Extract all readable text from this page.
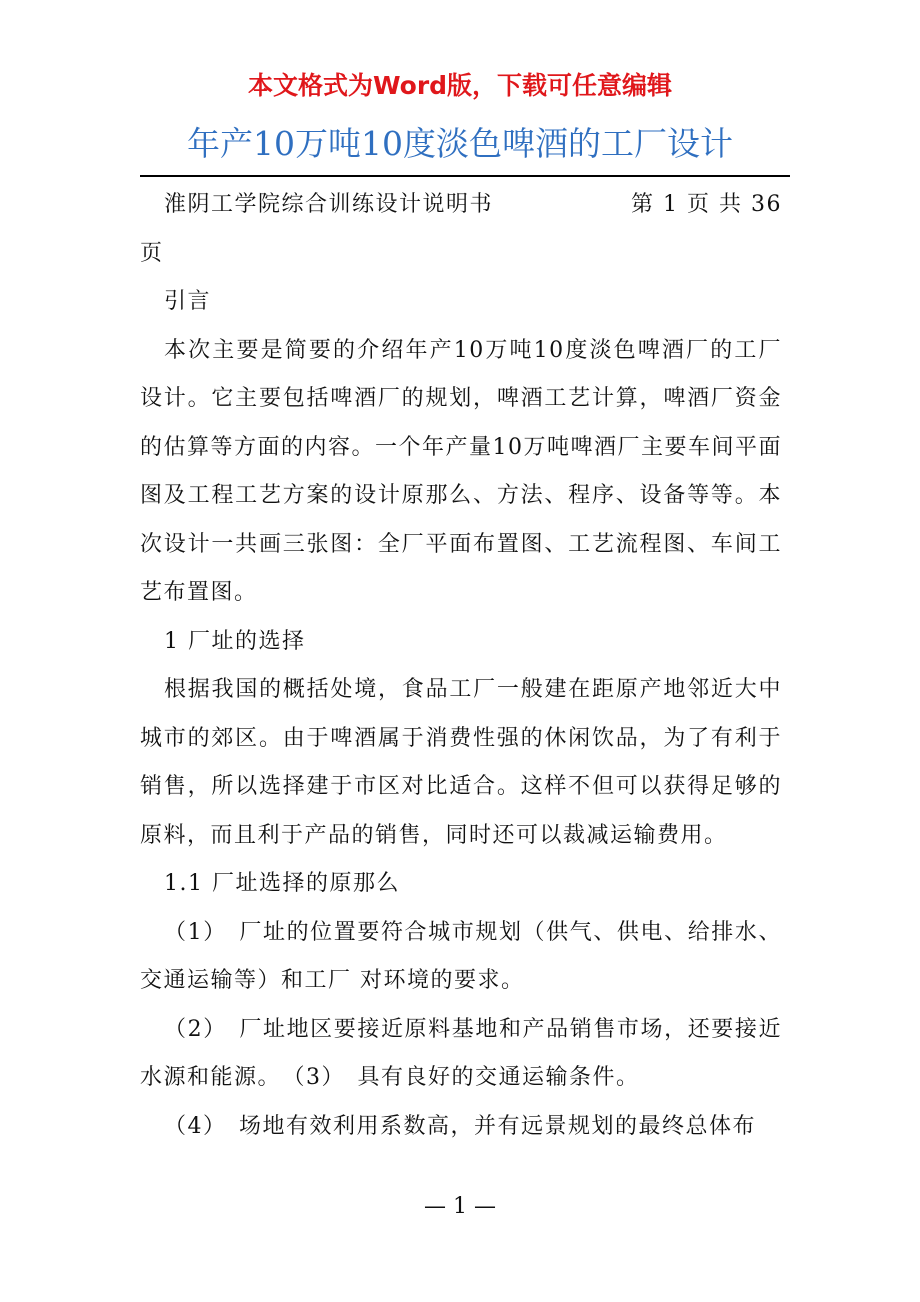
本文格式为Word版，下载可任意编辑
年产10万吨10度淡色啤酒的工厂设计
淮阴工学院综合训练设计说明书	第 1 页 共 36

页

引言

本次主要是简要的介绍年产10万吨10度淡色啤酒厂的工厂设计。它主要包括啤酒厂的规划，啤酒工艺计算，啤酒厂资金的估算等方面的内容。一个年产量10万吨啤酒厂主要车间平面图及工程工艺方案的设计原那么、方法、程序、设备等等。本次设计一共画三张图：全厂平面布置图、工艺流程图、车间工艺布置图。

1 厂址的选择

根据我国的概括处境，食品工厂一般建在距原产地邻近大中城市的郊区。由于啤酒属于消费性强的休闲饮品，为了有利于销售，所以选择建于市区对比适合。这样不但可以获得足够的原料，而且利于产品的销售，同时还可以裁减运输费用。

1.1 厂址选择的原那么

（1）　厂址的位置要符合城市规划（供气、供电、给排水、交通运输等）和工厂 对环境的要求。

（2）　厂址地区要接近原料基地和产品销售市场，还要接近水源和能源。　（3）　具有良好的交通运输条件。

（4）　场地有效利用系数高，并有远景规划的最终总体布

— 1 —
